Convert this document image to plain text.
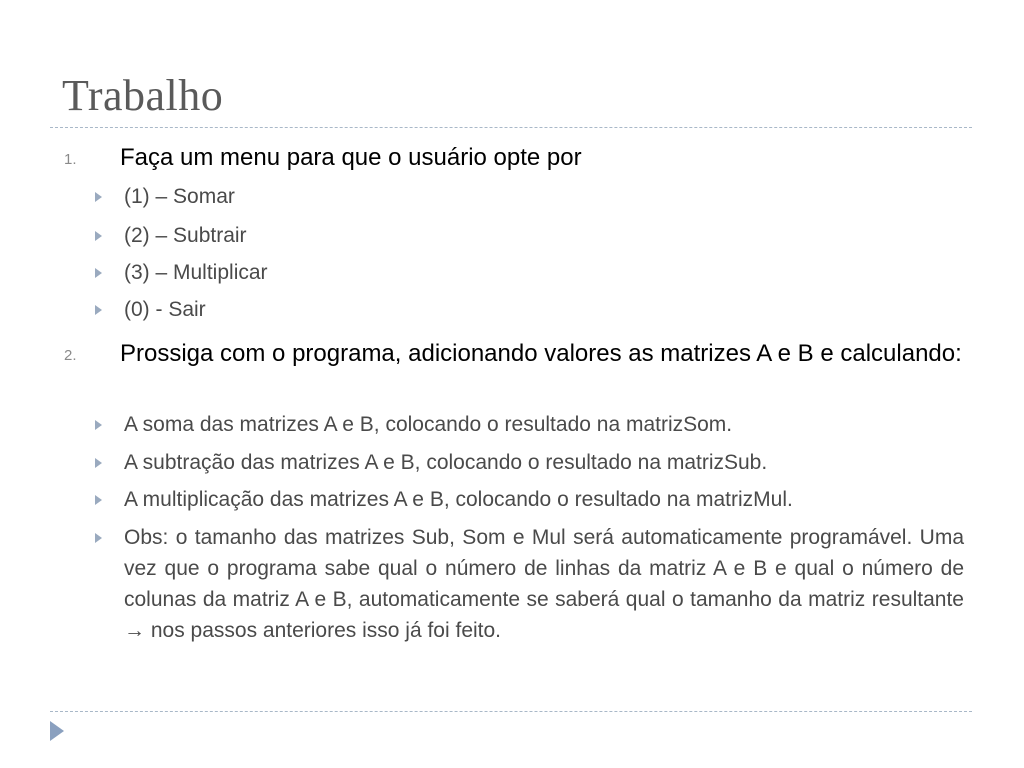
Trabalho
1. Faça um menu para que o usuário opte por
(1) – Somar
(2) – Subtrair
(3) – Multiplicar
(0) - Sair
2. Prossiga com o programa, adicionando valores as matrizes A e B e calculando:
A soma das matrizes A e B, colocando o resultado na matrizSom.
A subtração das matrizes A e B, colocando o resultado na matrizSub.
A multiplicação das matrizes A e B, colocando o resultado na matrizMul.
Obs: o tamanho das matrizes Sub, Som e Mul será automaticamente programável. Uma vez que o programa sabe qual o número de linhas da matriz A e B e qual o número de colunas da matriz A e B, automaticamente se saberá qual o tamanho da matriz resultante → nos passos anteriores isso já foi feito.
